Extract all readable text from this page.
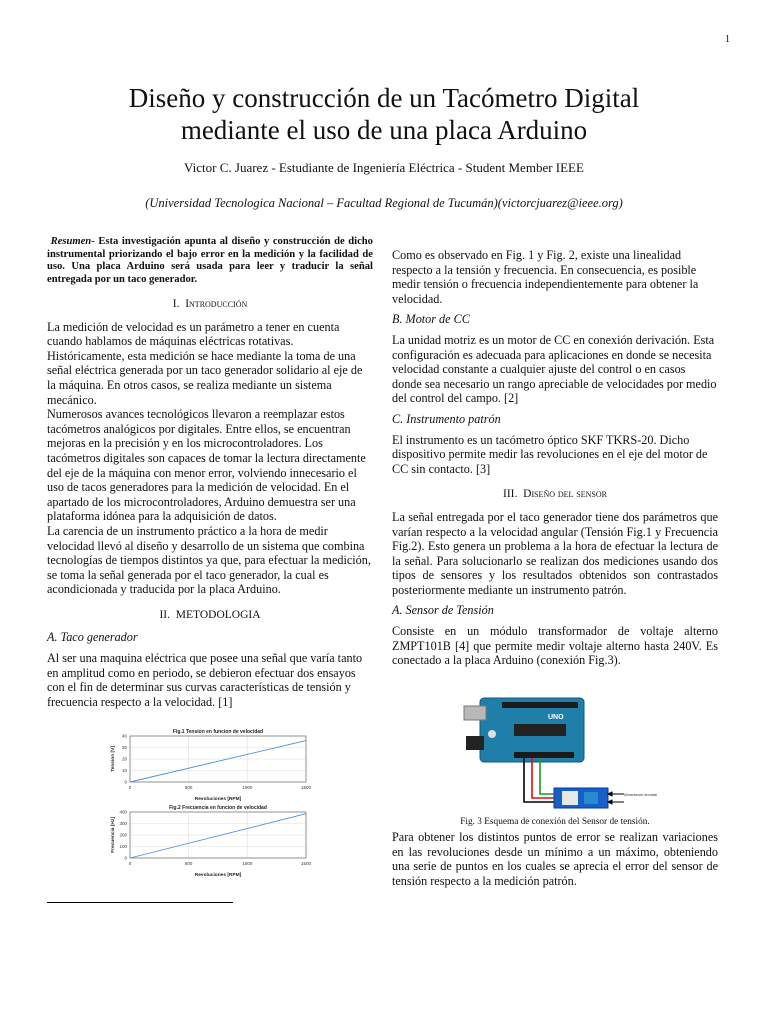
1
Diseño y construcción de un Tacómetro Digital
mediante el uso de una placa Arduino
Victor C. Juarez - Estudiante de Ingeniería Eléctrica - Student Member IEEE
(Universidad Tecnologica Nacional – Facultad Regional de Tucumán)(victorcjuarez@ieee.org)

Resumen- Esta investigación apunta al diseño y construcción de dicho instrumental priorizando el bajo error en la medición y la facilidad de uso. Una placa Arduino será usada para leer y traducir la señal entregada por un taco generador.

I. Introducción

La medición de velocidad es un parámetro a tener en cuenta cuando hablamos de máquinas eléctricas rotativas. Históricamente, esta medición se hace mediante la toma de una señal eléctrica generada por un taco generador solidario al eje de la máquina. En otros casos, se realiza mediante un sistema mecánico.

Numerosos avances tecnológicos llevaron a reemplazar estos tacómetros analógicos por digitales. Entre ellos, se encuentran mejoras en la precisión y en los microcontroladores. Los tacómetros digitales son capaces de tomar la lectura directamente del eje de la máquina con menor error, volviendo innecesario el uso de tacos generadores para la medición de velocidad. En el apartado de los microcontroladores, Arduino demuestra ser una plataforma idónea para la adquisición de datos.

La carencia de un instrumento práctico a la hora de medir velocidad llevó al diseño y desarrollo de un sistema que combina tecnologías de tiempos distintos ya que, para efectuar la medición, se toma la señal generada por el taco generador, la cual es acondicionada y traducida por la placa Arduino.

II. METODOLOGIA
A. Taco generador

Al ser una maquina eléctrica que posee una señal que varía tanto en amplitud como en periodo, se debieron efectuar dos ensayos con el fin de determinar sus curvas características de tensión y frecuencia respecto a la velocidad. [1]

Fig.1 Tension en funcion de velocidad
0
10
20
30
40
0	500	1000	1500
Revoluciones [RPM]
Tension [V]
Fig.2 Frecuencia en funcion de velocidad
0
100
200
300
400
0	500	1000	1500
Revoluciones [RPM]
Frecuencia [Hz]

Como es observado en Fig. 1 y Fig. 2, existe una linealidad respecto a la tensión y frecuencia. En consecuencia, es posible medir tensión o frecuencia independientemente para obtener la velocidad.

B. Motor de CC

La unidad motriz es un motor de CC en conexión derivación. Esta configuración es adecuada para aplicaciones en donde se necesita velocidad constante a cualquier ajuste del control o en casos donde sea necesario un rango apreciable de velocidades por medio del control del campo. [2]

C. Instrumento patrón

El instrumento es un tacómetro óptico SKF TKRS-20. Dicho dispositivo permite medir las revoluciones en el eje del motor de CC sin contacto. [3]

III. Diseño del sensor

La señal entregada por el taco generador tiene dos parámetros que varían respecto a la velocidad angular (Tensión Fig.1 y Frecuencia Fig.2). Esto genera un problema a la hora de efectuar la lectura de la señal. Para solucionarlo se realizan dos mediciones usando dos tipos de sensores y los resultados obtenidos son contrastados posteriormente mediante un instrumento patrón.

A. Sensor de Tensión

Consiste en un módulo transformador de voltaje alterno ZMPT101B [4] que permite medir voltaje alterno hasta 240V. Es conectado a la placa Arduino (conexión Fig.3).

UNO
Alimentación senoidal
Fig. 3 Esquema de conexión del Sensor de tensión.

Para obtener los distintos puntos de error se realizan variaciones en las revoluciones desde un mínimo a un máximo, obteniendo una serie de puntos en los cuales se aprecia el error del sensor de tensión respecto a la medición patrón.
